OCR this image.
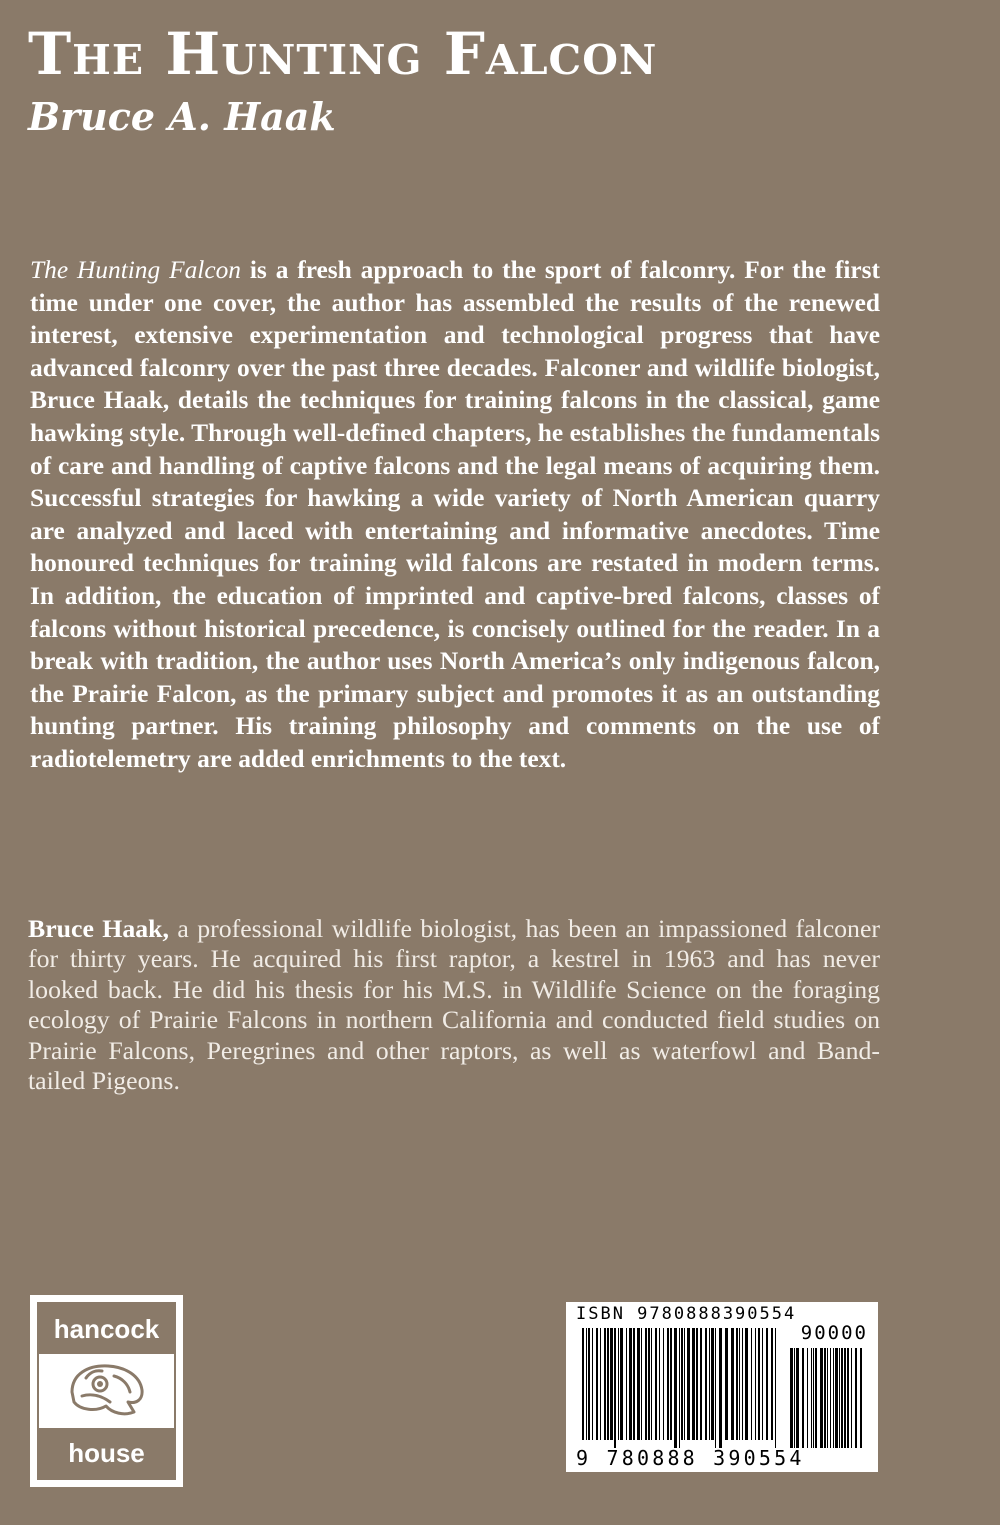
The Hunting Falcon
Bruce A. Haak

The Hunting Falcon is a fresh approach to the sport of falconry. For the first time under one cover, the author has assembled the results of the renewed interest, extensive experimentation and technological progress that have advanced falconry over the past three decades. Falconer and wildlife biologist, Bruce Haak, details the techniques for training falcons in the classical, game hawking style. Through well-defined chapters, he establishes the fundamentals of care and handling of captive falcons and the legal means of acquiring them. Successful strategies for hawking a wide variety of North American quarry are analyzed and laced with entertaining and informative anecdotes. Time honoured techniques for training wild falcons are restated in modern terms. In addition, the education of imprinted and captive-bred falcons, classes of falcons without historical precedence, is concisely outlined for the reader. In a break with tradition, the author uses North America’s only indigenous falcon, the Prairie Falcon, as the primary subject and promotes it as an outstanding hunting partner. His training philosophy and comments on the use of radiotelemetry are added enrichments to the text.

Bruce Haak, a professional wildlife biologist, has been an impassioned falconer for thirty years. He acquired his first raptor, a kestrel in 1963 and has never looked back. He did his thesis for his M.S. in Wildlife Science on the foraging ecology of Prairie Falcons in northern California and conducted field studies on Prairie Falcons, Peregrines and other raptors, as well as waterfowl and Band-tailed Pigeons.

hancock
house
ISBN 9780888390554
90000
9 780888 390554
